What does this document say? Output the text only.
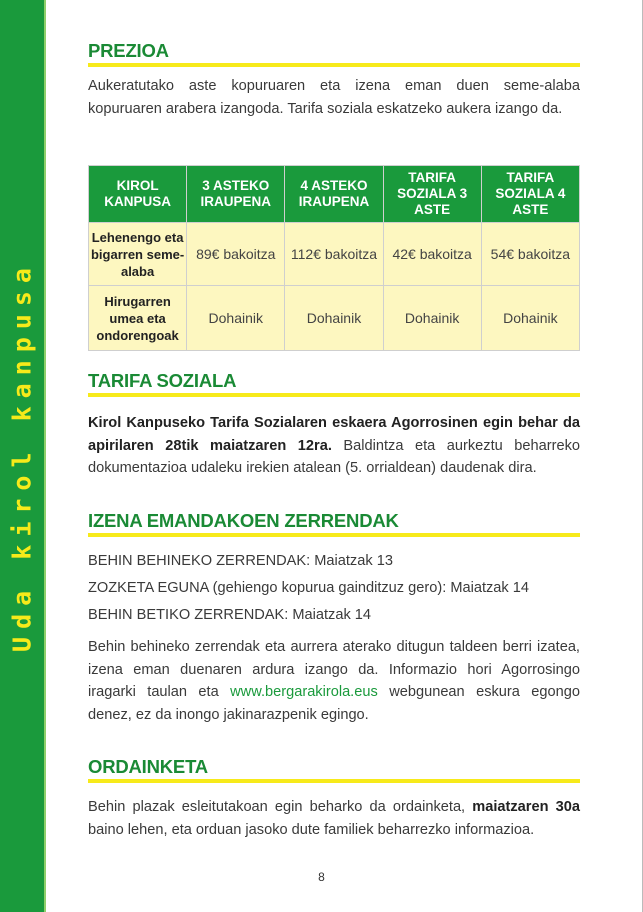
Uda kirol kanpusa
PREZIOA
Aukeratutako aste kopuruaren eta izena eman duen seme-alaba kopuruaren arabera izangoda. Tarifa soziala eskatzeko aukera izango da.
KIROL KANPUSA	3 ASTEKO IRAUPENA	4 ASTEKO IRAUPENA	TARIFA SOZIALA 3 ASTE	TARIFA SOZIALA 4 ASTE
Lehenengo eta bigarren seme-alaba	89€ bakoitza	112€ bakoitza	42€ bakoitza	54€ bakoitza
Hirugarren umea eta ondorengoak	Dohainik	Dohainik	Dohainik	Dohainik
TARIFA SOZIALA
Kirol Kanpuseko Tarifa Sozialaren eskaera Agorrosinen egin behar da apirilaren 28tik maiatzaren 12ra. Baldintza eta aurkeztu beharreko dokumentazioa udaleku irekien atalean (5. orrialdean) daudenak dira.
IZENA EMANDAKOEN ZERRENDAK
BEHIN BEHINEKO ZERRENDAK: Maiatzak 13
ZOZKETA EGUNA (gehiengo kopurua gainditzuz gero): Maiatzak 14
BEHIN BETIKO ZERRENDAK: Maiatzak 14
Behin behineko zerrendak eta aurrera aterako ditugun taldeen berri izatea, izena eman duenaren ardura izango da. Informazio hori Agorrosingo iragarki taulan eta www.bergarakirola.eus webgunean eskura egongo denez, ez da inongo jakinarazpenik egingo.
ORDAINKETA
Behin plazak esleitutakoan egin beharko da ordainketa, maiatzaren 30a baino lehen, eta orduan jasoko dute familiek beharrezko informazioa.
8
